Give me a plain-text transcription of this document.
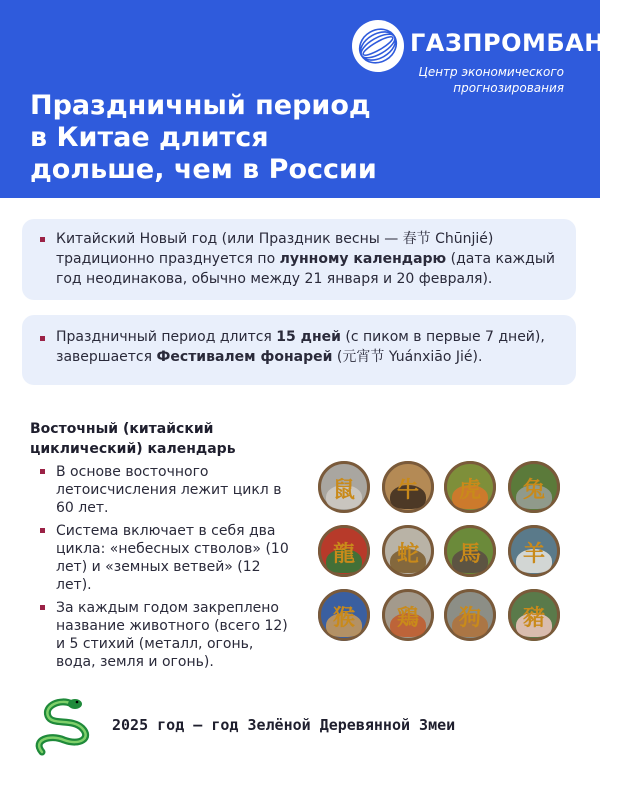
ГАЗПРОМБАНК
Центр экономического
прогнозирования
Праздничный период
в Китае длится
дольше, чем в России
Китайский Новый год (или Праздник весны — 春节 Chūnjié) традиционно празднуется по лунному календарю (дата каждый год неодинакова, обычно между 21 января и 20 февраля).
Праздничный период длится 15 дней (с пиком в первые 7 дней), завершается Фестивалем фонарей (元宵节 Yuánxiāo Jié).
Восточный (китайский циклический) календарь
В основе восточного летоисчисления лежит цикл в 60 лет.
Система включает в себя два цикла: «небесных стволов» (10 лет) и «земных ветвей» (12 лет).
За каждым годом закреплено название животного (всего 12) и 5 стихий (металл, огонь, вода, земля и огонь).
鼠	牛	虎	兔
龍	蛇	馬	羊
猴	鶏	狗	豬
2025 год — год Зелёной Деревянной Змеи
